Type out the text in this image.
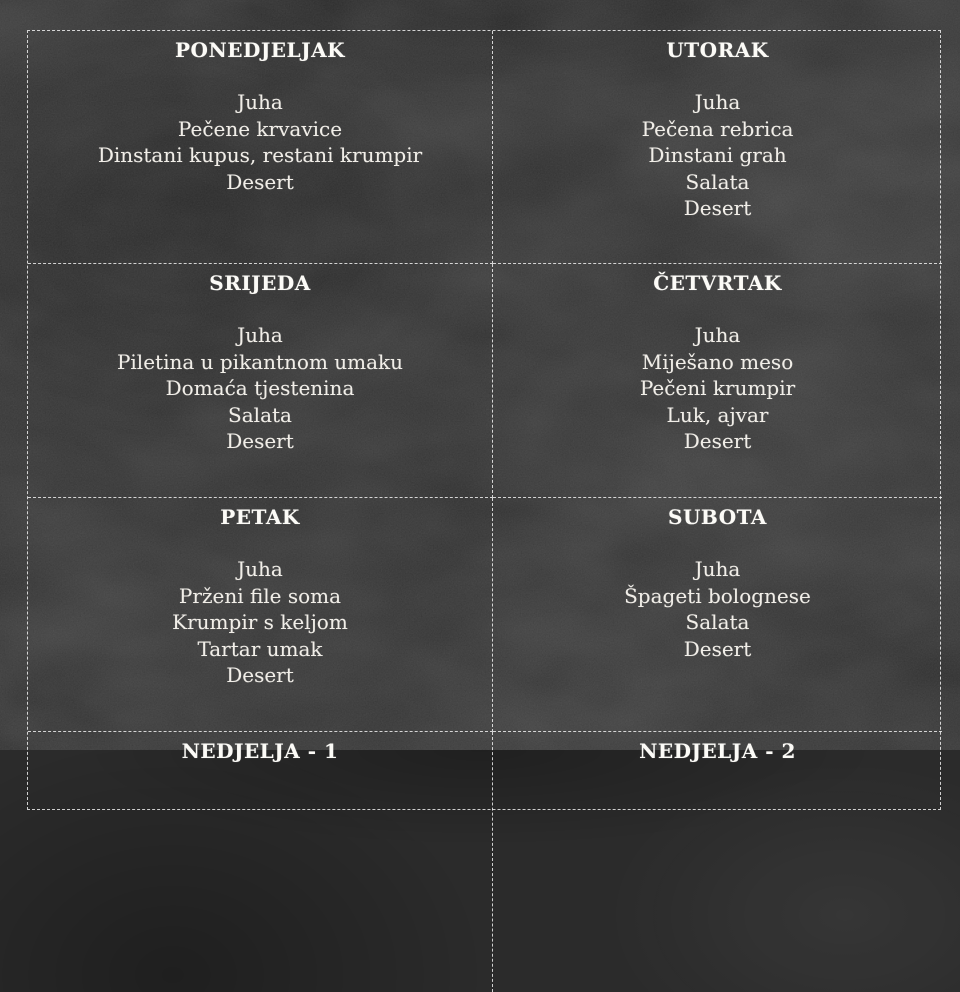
PONEDJELJAK
Juha
Pečene krvavice
Dinstani kupus, restani krumpir
Desert
UTORAK
Juha
Pečena rebrica
Dinstani grah
Salata
Desert
SRIJEDA
Juha
Piletina u pikantnom umaku
Domaća tjestenina
Salata
Desert
ČETVRTAK
Juha
Miješano meso
Pečeni krumpir
Luk, ajvar
Desert
PETAK
Juha
Prženi file soma
Krumpir s keljom
Tartar umak
Desert
SUBOTA
Juha
Špageti bolognese
Salata
Desert
NEDJELJA - 1	NEDJELJA - 2
